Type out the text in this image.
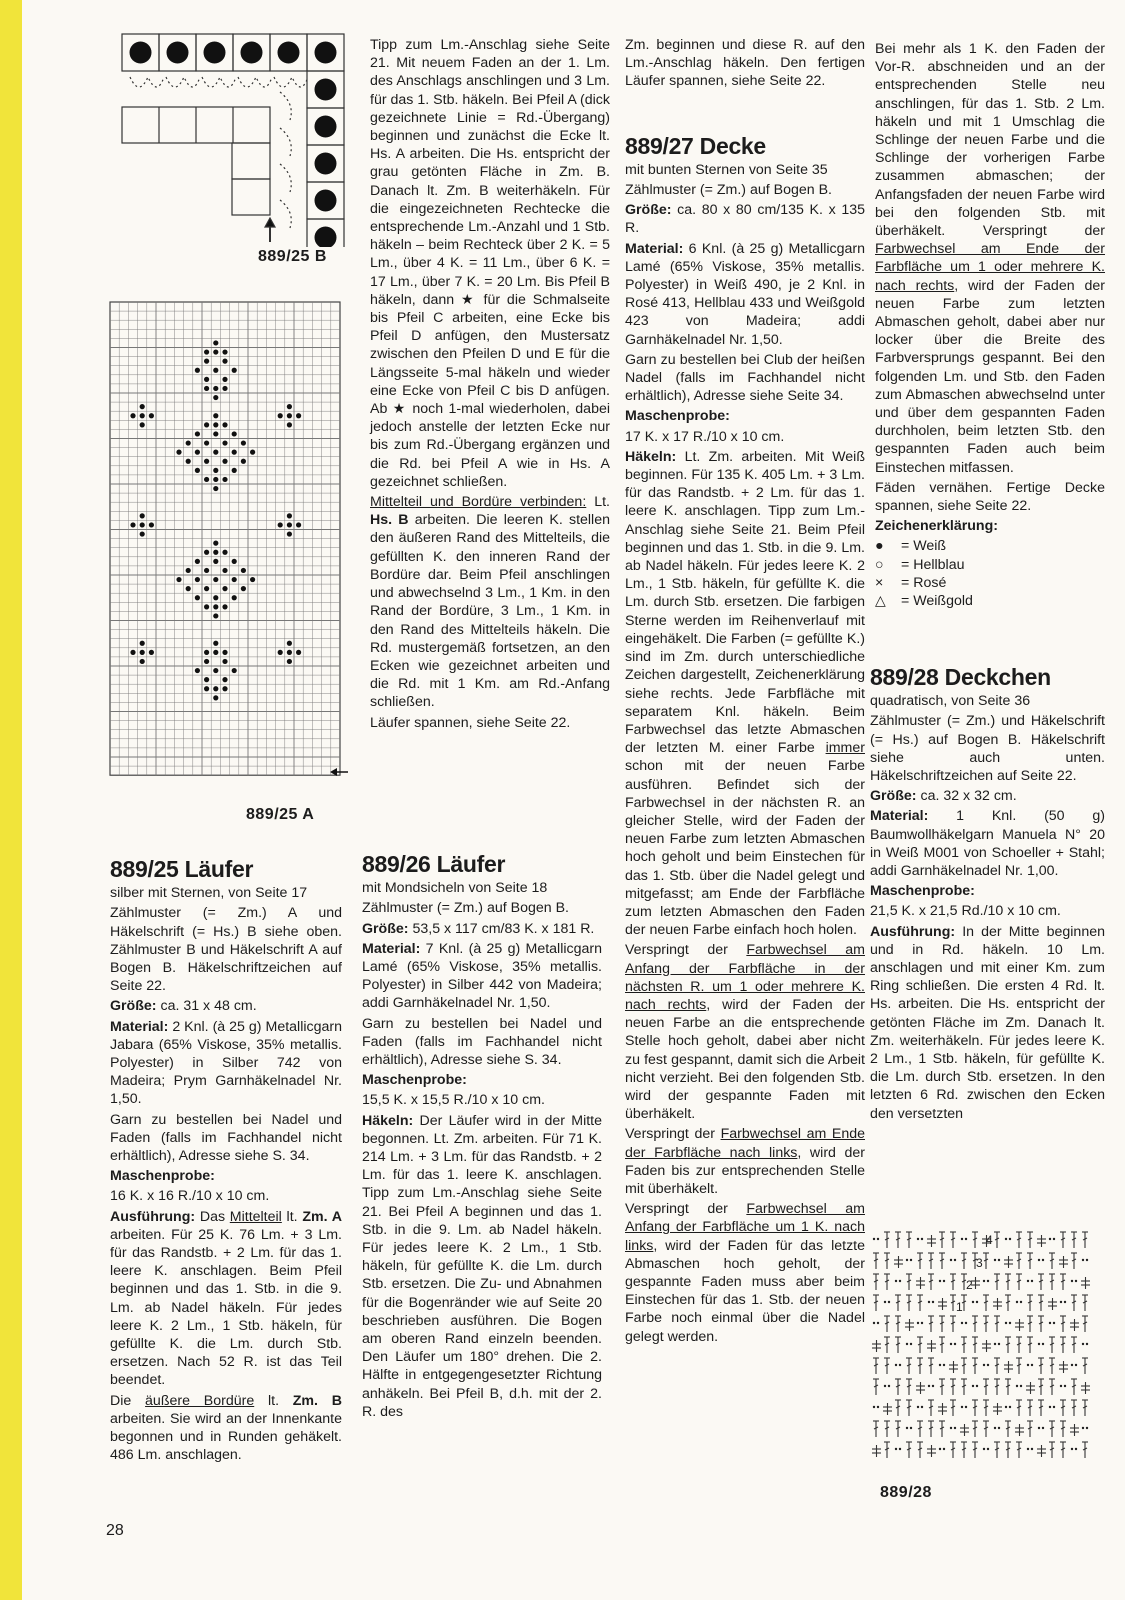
889/25 B
889/25 A
4
3
2
1
889/28
889/25 Läufer

silber mit Sternen, von Seite 17

Zählmuster (= Zm.) A und Häkelschrift (= Hs.) B siehe oben. Zählmuster B und Häkelschrift A auf Bogen B. Häkelschriftzeichen auf Seite 22.

Größe: ca. 31 x 48 cm.

Material: 2 Knl. (à 25 g) Metallicgarn Jabara (65% Viskose, 35% metallis. Polyester) in Silber 742 von Madeira; Prym Garnhäkelnadel Nr. 1,50.

Garn zu bestellen bei Nadel und Faden (falls im Fachhandel nicht erhältlich), Adresse siehe S. 34.

Maschenprobe:

16 K. x 16 R./10 x 10 cm.

Ausführung: Das Mittelteil lt. Zm. A arbeiten. Für 25 K. 76 Lm. + 3 Lm. für das Randstb. + 2 Lm. für das 1. leere K. anschlagen. Beim Pfeil beginnen und das 1. Stb. in die 9. Lm. ab Nadel häkeln. Für jedes leere K. 2 Lm., 1 Stb. häkeln, für gefüllte K. die Lm. durch Stb. ersetzen. Nach 52 R. ist das Teil beendet.

Die äußere Bordüre lt. Zm. B arbeiten. Sie wird an der Innenkante begonnen und in Runden gehäkelt. 486 Lm. anschlagen.

Tipp zum Lm.-Anschlag siehe Seite 21. Mit neuem Faden an der 1. Lm. des Anschlags anschlingen und 3 Lm. für das 1. Stb. häkeln. Bei Pfeil A (dick gezeichnete Linie = Rd.-Übergang) beginnen und zunächst die Ecke lt. Hs. A arbeiten. Die Hs. entspricht der grau getönten Fläche in Zm. B. Danach lt. Zm. B weiterhäkeln. Für die eingezeichneten Rechtecke die entsprechende Lm.-Anzahl und 1 Stb. häkeln – beim Rechteck über 2 K. = 5 Lm., über 4 K. = 11 Lm., über 6 K. = 17 Lm., über 7 K. = 20 Lm. Bis Pfeil B häkeln, dann ★ für die Schmalseite bis Pfeil C arbeiten, eine Ecke bis Pfeil D anfügen, den Mustersatz zwischen den Pfeilen D und E für die Längsseite 5-mal häkeln und wieder eine Ecke von Pfeil C bis D anfügen. Ab ★ noch 1-mal wiederholen, dabei jedoch anstelle der letzten Ecke nur bis zum Rd.-Übergang ergänzen und die Rd. bei Pfeil A wie in Hs. A gezeichnet schließen.

Mittelteil und Bordüre verbinden: Lt. Hs. B arbeiten. Die leeren K. stellen den äußeren Rand des Mittelteils, die gefüllten K. den inneren Rand der Bordüre dar. Beim Pfeil anschlingen und abwechselnd 3 Lm., 1 Km. in den Rand der Bordüre, 3 Lm., 1 Km. in den Rand des Mittelteils häkeln. Die Rd. mustergemäß fortsetzen, an den Ecken wie gezeichnet arbeiten und die Rd. mit 1 Km. am Rd.-Anfang schließen.

Läufer spannen, siehe Seite 22.

889/26 Läufer

mit Mondsicheln von Seite 18

Zählmuster (= Zm.) auf Bogen B.

Größe: 53,5 x 117 cm/83 K. x 181 R.

Material: 7 Knl. (à 25 g) Metallicgarn Lamé (65% Viskose, 35% metallis. Polyester) in Silber 442 von Madeira; addi Garnhäkelnadel Nr. 1,50.

Garn zu bestellen bei Nadel und Faden (falls im Fachhandel nicht erhältlich), Adresse siehe S. 34.

Maschenprobe:

15,5 K. x 15,5 R./10 x 10 cm.

Häkeln: Der Läufer wird in der Mitte begonnen. Lt. Zm. arbeiten. Für 71 K. 214 Lm. + 3 Lm. für das Randstb. + 2 Lm. für das 1. leere K. anschlagen. Tipp zum Lm.-Anschlag siehe Seite 21. Bei Pfeil A beginnen und das 1. Stb. in die 9. Lm. ab Nadel häkeln. Für jedes leere K. 2 Lm., 1 Stb. häkeln, für gefüllte K. die Lm. durch Stb. ersetzen. Die Zu- und Abnahmen für die Bogenränder wie auf Seite 20 beschrieben ausführen. Die Bogen am oberen Rand einzeln beenden. Den Läufer um 180° drehen. Die 2. Hälfte in entgegengesetzter Richtung anhäkeln. Bei Pfeil B, d.h. mit der 2. R. des

Zm. beginnen und diese R. auf den Lm.-Anschlag häkeln. Den fertigen Läufer spannen, siehe Seite 22.

889/27 Decke

mit bunten Sternen von Seite 35

Zählmuster (= Zm.) auf Bogen B.

Größe: ca. 80 x 80 cm/135 K. x 135 R.

Material: 6 Knl. (à 25 g) Metallicgarn Lamé (65% Viskose, 35% metallis. Polyester) in Weiß 490, je 2 Knl. in Rosé 413, Hellblau 433 und Weißgold 423 von Madeira; addi Garnhäkelnadel Nr. 1,50.

Garn zu bestellen bei Club der heißen Nadel (falls im Fachhandel nicht erhältlich), Adresse siehe Seite 34.

Maschenprobe:

17 K. x 17 R./10 x 10 cm.

Häkeln: Lt. Zm. arbeiten. Mit Weiß beginnen. Für 135 K. 405 Lm. + 3 Lm. für das Randstb. + 2 Lm. für das 1. leere K. anschlagen. Tipp zum Lm.-Anschlag siehe Seite 21. Beim Pfeil beginnen und das 1. Stb. in die 9. Lm. ab Nadel häkeln. Für jedes leere K. 2 Lm., 1 Stb. häkeln, für gefüllte K. die Lm. durch Stb. ersetzen. Die farbigen Sterne werden im Reihenverlauf mit eingehäkelt. Die Farben (= gefüllte K.) sind im Zm. durch unterschiedliche Zeichen dargestellt, Zeichenerklärung siehe rechts. Jede Farbfläche mit separatem Knl. häkeln. Beim Farbwechsel das letzte Abmaschen der letzten M. einer Farbe immer schon mit der neuen Farbe ausführen. Befindet sich der Farbwechsel in der nächsten R. an gleicher Stelle, wird der Faden der neuen Farbe zum letzten Abmaschen hoch geholt und beim Einstechen für das 1. Stb. über die Nadel gelegt und mitgefasst; am Ende der Farbfläche zum letzten Abmaschen den Faden der neuen Farbe einfach hoch holen.

Verspringt der Farbwechsel am Anfang der Farbfläche in der nächsten R. um 1 oder mehrere K. nach rechts, wird der Faden der neuen Farbe an die entsprechende Stelle hoch geholt, dabei aber nicht zu fest gespannt, damit sich die Arbeit nicht verzieht. Bei den folgenden Stb. wird der gespannte Faden mit überhäkelt.

Verspringt der Farbwechsel am Ende der Farbfläche nach links, wird der Faden bis zur entsprechenden Stelle mit überhäkelt.

Verspringt der Farbwechsel am Anfang der Farbfläche um 1 K. nach links, wird der Faden für das letzte Abmaschen hoch geholt, der gespannte Faden muss aber beim Einstechen für das 1. Stb. der neuen Farbe noch einmal über die Nadel gelegt werden.

Bei mehr als 1 K. den Faden der Vor-R. abschneiden und an der entsprechenden Stelle neu anschlingen, für das 1. Stb. 2 Lm. häkeln und mit 1 Umschlag die Schlinge der neuen Farbe und die Schlinge der vorherigen Farbe zusammen abmaschen; der Anfangsfaden der neuen Farbe wird bei den folgenden Stb. mit überhäkelt. Verspringt der Farbwechsel am Ende der Farbfläche um 1 oder mehrere K. nach rechts, wird der Faden der neuen Farbe zum letzten Abmaschen geholt, dabei aber nur locker über die Breite des Farbversprungs gespannt. Bei den folgenden Lm. und Stb. den Faden zum Abmaschen abwechselnd unter und über dem gespannten Faden durchholen, beim letzten Stb. den gespannten Faden auch beim Einstechen mitfassen.

Fäden vernähen. Fertige Decke spannen, siehe Seite 22.

Zeichenerklärung:

● = Weiß
○ = Hellblau
× = Rosé
△ = Weißgold
889/28 Deckchen

quadratisch, von Seite 36

Zählmuster (= Zm.) und Häkelschrift (= Hs.) auf Bogen B. Häkelschrift siehe auch unten. Häkelschriftzeichen auf Seite 22.

Größe: ca. 32 x 32 cm.

Material: 1 Knl. (50 g) Baumwollhäkelgarn Manuela N° 20 in Weiß M001 von Schoeller + Stahl; addi Garnhäkelnadel Nr. 1,00.

Maschenprobe:

21,5 K. x 21,5 Rd./10 x 10 cm.

Ausführung: In der Mitte beginnen und in Rd. häkeln. 10 Lm. anschlagen und mit einer Km. zum Ring schließen. Die ersten 4 Rd. lt. Hs. arbeiten. Die Hs. entspricht der getönten Fläche im Zm. Danach lt. Zm. weiterhäkeln. Für jedes leere K. 2 Lm., 1 Stb. häkeln, für gefüllte K. die Lm. durch Stb. ersetzen. In den letzten 6 Rd. zwischen den Ecken den versetzten

28
